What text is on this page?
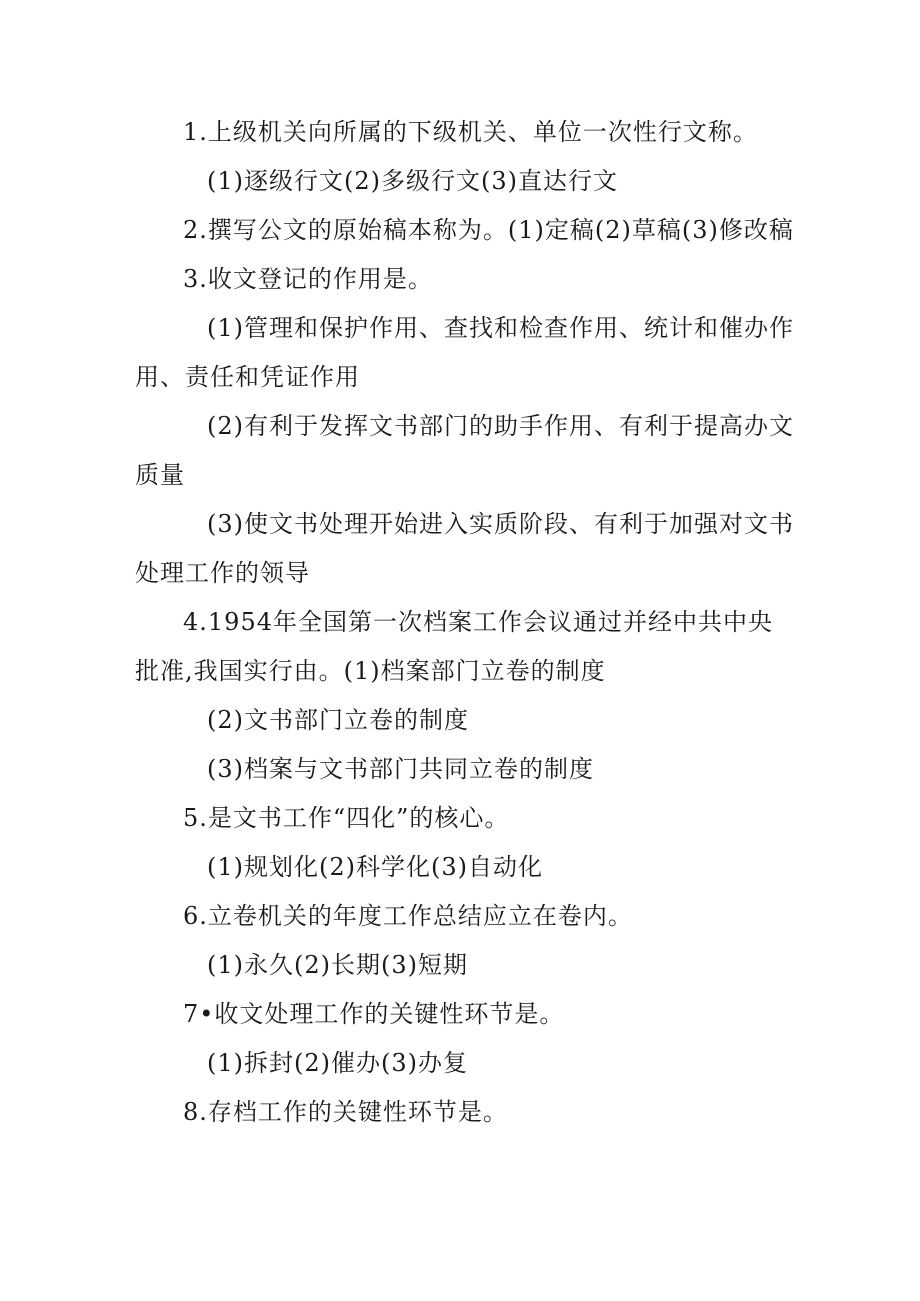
1.上级机关向所属的下级机关、单位一次性行文称。

(1)逐级行文(2)多级行文(3)直达行文

2.撰写公文的原始稿本称为。(1)定稿(2)草稿(3)修改稿

3.收文登记的作用是。

(1)管理和保护作用、查找和检查作用、统计和催办作用、责任和凭证作用

(2)有利于发挥文书部门的助手作用、有利于提高办文质量

(3)使文书处理开始进入实质阶段、有利于加强对文书处理工作的领导

4.1954年全国第一次档案工作会议通过并经中共中央批准,我国实行由。(1)档案部门立卷的制度

(2)文书部门立卷的制度

(3)档案与文书部门共同立卷的制度

5.是文书工作“四化”的核心。

(1)规划化(2)科学化(3)自动化

6.立卷机关的年度工作总结应立在卷内。

(1)永久(2)长期(3)短期

7•收文处理工作的关键性环节是。

(1)拆封(2)催办(3)办复

8.存档工作的关键性环节是。
